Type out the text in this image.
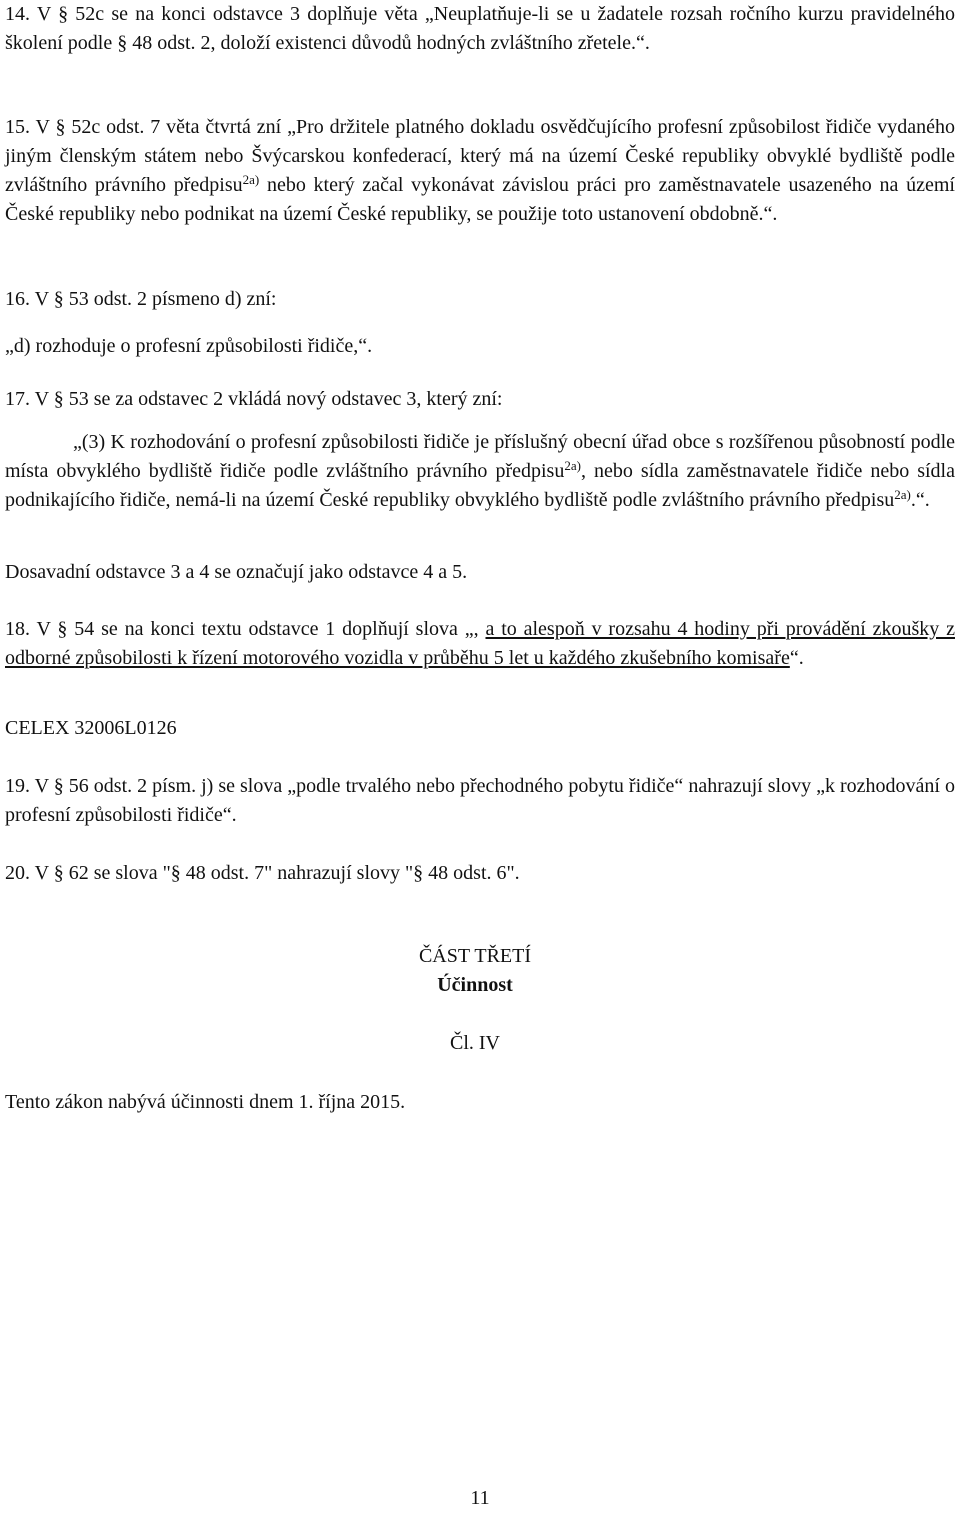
14. V § 52c se na konci odstavce 3 doplňuje věta „Neuplatňuje-li se u žadatele rozsah ročního kurzu pravidelného školení podle § 48 odst. 2, doloží existenci důvodů hodných zvláštního zřetele.“.
15. V § 52c odst. 7 věta čtvrtá zní „Pro držitele platného dokladu osvědčujícího profesní způsobilost řidiče vydaného jiným členským státem nebo Švýcarskou konfederací, který má na území České republiky obvyklé bydliště podle zvláštního právního předpisu$^{2a)}$ nebo který začal vykonávat závislou práci pro zaměstnavatele usazeného na území České republiky nebo podnikat na území České republiky, se použije toto ustanovení obdobně.“.
16. V § 53 odst. 2 písmeno d) zní:
„d) rozhoduje o profesní způsobilosti řidiče,“.
17. V § 53 se za odstavec 2 vkládá nový odstavec 3, který zní:
„(3) K rozhodování o profesní způsobilosti řidiče je příslušný obecní úřad obce s rozšířenou působností podle místa obvyklého bydliště řidiče podle zvláštního právního předpisu$^{2a)}$, nebo sídla zaměstnavatele řidiče nebo sídla podnikajícího řidiče, nemá-li na území České republiky obvyklého bydliště podle zvláštního právního předpisu$^{2a)}$.“.
Dosavadní odstavce 3 a 4 se označují jako odstavce 4 a 5.
18. V § 54 se na konci textu odstavce 1 doplňují slova „, a to alespoň v rozsahu 4 hodiny při provádění zkoušky z odborné způsobilosti k řízení motorového vozidla v průběhu 5 let u každého zkušebního komisaře“.
CELEX 32006L0126
19. V § 56 odst. 2 písm. j) se slova „podle trvalého nebo přechodného pobytu řidiče“ nahrazují slovy „k rozhodování o profesní způsobilosti řidiče“.
20. V § 62 se slova "§ 48 odst. 7" nahrazují slovy "§ 48 odst. 6".
ČÁST TŘETÍ
Účinnost
Čl. IV
Tento zákon nabývá účinnosti dnem 1. října 2015.
11
